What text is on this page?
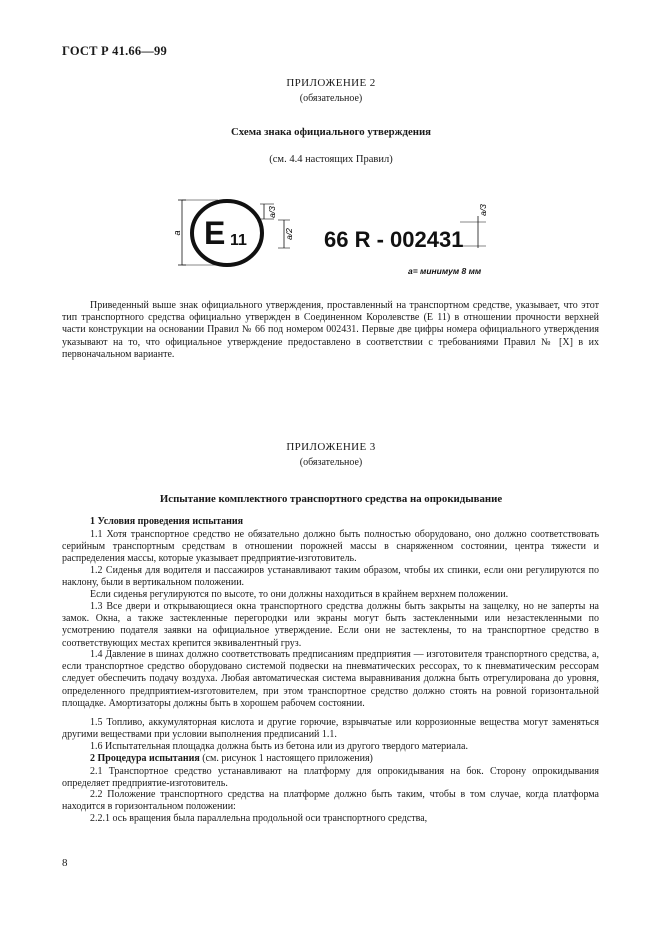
ГОСТ Р 41.66—99
ПРИЛОЖЕНИЕ 2
(обязательное)
Схема знака официального утверждения
(см. 4.4 настоящих Правил)
a E 11
a/3
a/2 66 R - 002431
a/3
a= минимум 8 мм
Приведенный выше знак официального утверждения, проставленный на транспортном средстве, указывает, что этот тип транспортного средства официально утвержден в Соединенном Королевстве (Е 11) в отношении прочности верхней части конструкции на основании Правил № 66 под номером 002431. Первые две цифры номера официального утверждения указывают на то, что официальное утверждение предоставлено в соответствии с требованиями Правил № [X] в их первоначальном варианте.
ПРИЛОЖЕНИЕ 3
(обязательное)
Испытание комплектного транспортного средства на опрокидывание
1 Условия проведения испытания
1.1 Хотя транспортное средство не обязательно должно быть полностью оборудовано, оно должно соответствовать серийным транспортным средствам в отношении порожней массы в снаряженном состоянии, центра тяжести и распределения массы, которые указывает предприятие-изготовитель.
1.2 Сиденья для водителя и пассажиров устанавливают таким образом, чтобы их спинки, если они регулируются по наклону, были в вертикальном положении.
Если сиденья регулируются по высоте, то они должны находиться в крайнем верхнем положении.
1.3 Все двери и открывающиеся окна транспортного средства должны быть закрыты на защелку, но не заперты на замок. Окна, а также застекленные перегородки или экраны могут быть застекленными или незастекленными по усмотрению подателя заявки на официальное утверждение. Если они не застеклены, то на транспортное средство в соответствующих местах крепится эквивалентный груз.
1.4 Давление в шинах должно соответствовать предписаниям предприятия — изготовителя транспортного средства, а, если транспортное средство оборудовано системой подвески на пневматических рессорах, то к пневматическим рессорам следует обеспечить подачу воздуха. Любая автоматическая система выравнивания должна быть отрегулирована до уровня, определенного предприятием-изготовителем, при этом транспортное средство должно стоять на ровной горизонтальной площадке. Амортизаторы должны быть в хорошем рабочем состоянии.
1.5 Топливо, аккумуляторная кислота и другие горючие, взрывчатые или коррозионные вещества могут заменяться другими веществами при условии выполнения предписаний 1.1.
1.6 Испытательная площадка должна быть из бетона или из другого твердого материала.
2 Процедура испытания (см. рисунок 1 настоящего приложения)
2.1 Транспортное средство устанавливают на платформу для опрокидывания на бок. Сторону опрокидывания определяет предприятие-изготовитель.
2.2 Положение транспортного средства на платформе должно быть таким, чтобы в том случае, когда платформа находится в горизонтальном положении:
2.2.1 ось вращения была параллельна продольной оси транспортного средства,
8
